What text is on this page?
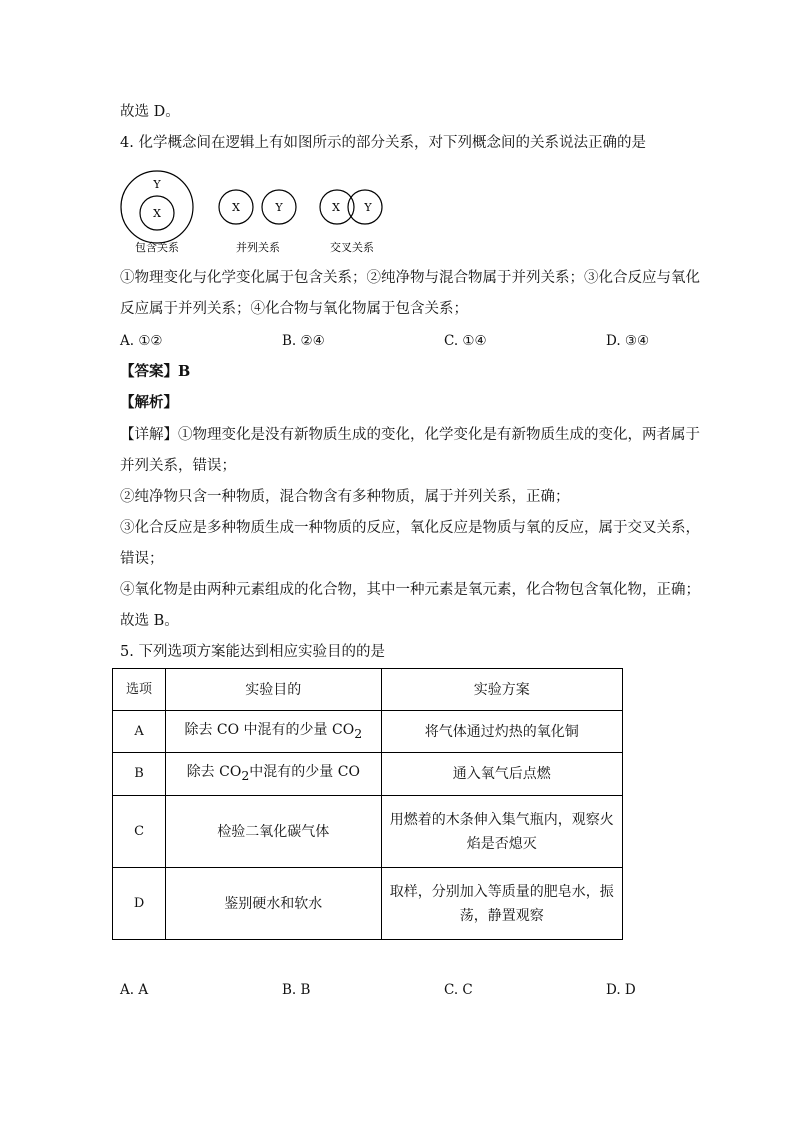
故选 D。
4. 化学概念间在逻辑上有如图所示的部分关系，对下列概念间的关系说法正确的是
Y
X
包含关系
X	Y
并列关系
X Y
交叉关系
①物理变化与化学变化属于包含关系；②纯净物与混合物属于并列关系；③化合反应与氧化
反应属于并列关系；④化合物与氧化物属于包含关系；
A. ①②	B. ②④	C. ①④	D. ③④
【答案】B
【解析】
【详解】①物理变化是没有新物质生成的变化，化学变化是有新物质生成的变化，两者属于
并列关系，错误；
②纯净物只含一种物质，混合物含有多种物质，属于并列关系，正确；
③化合反应是多种物质生成一种物质的反应，氧化反应是物质与氧的反应，属于交叉关系，
错误；
④氧化物是由两种元素组成的化合物，其中一种元素是氧元素，化合物包含氧化物，正确；
故选 B。
5. 下列选项方案能达到相应实验目的的是
选项	实验目的	实验方案
A	除去 CO 中混有的少量 $CO_2$	将气体通过灼热的氧化铜

B	除去 $CO_2$中混有的少量 CO	通入氧气后点燃

C	检验二氧化碳气体	用燃着的木条伸入集气瓶内，观察火
焰是否熄灭

D	鉴别硬水和软水	取样，分别加入等质量的肥皂水，振
荡，静置观察
A. A	B. B	C. C	D. D
